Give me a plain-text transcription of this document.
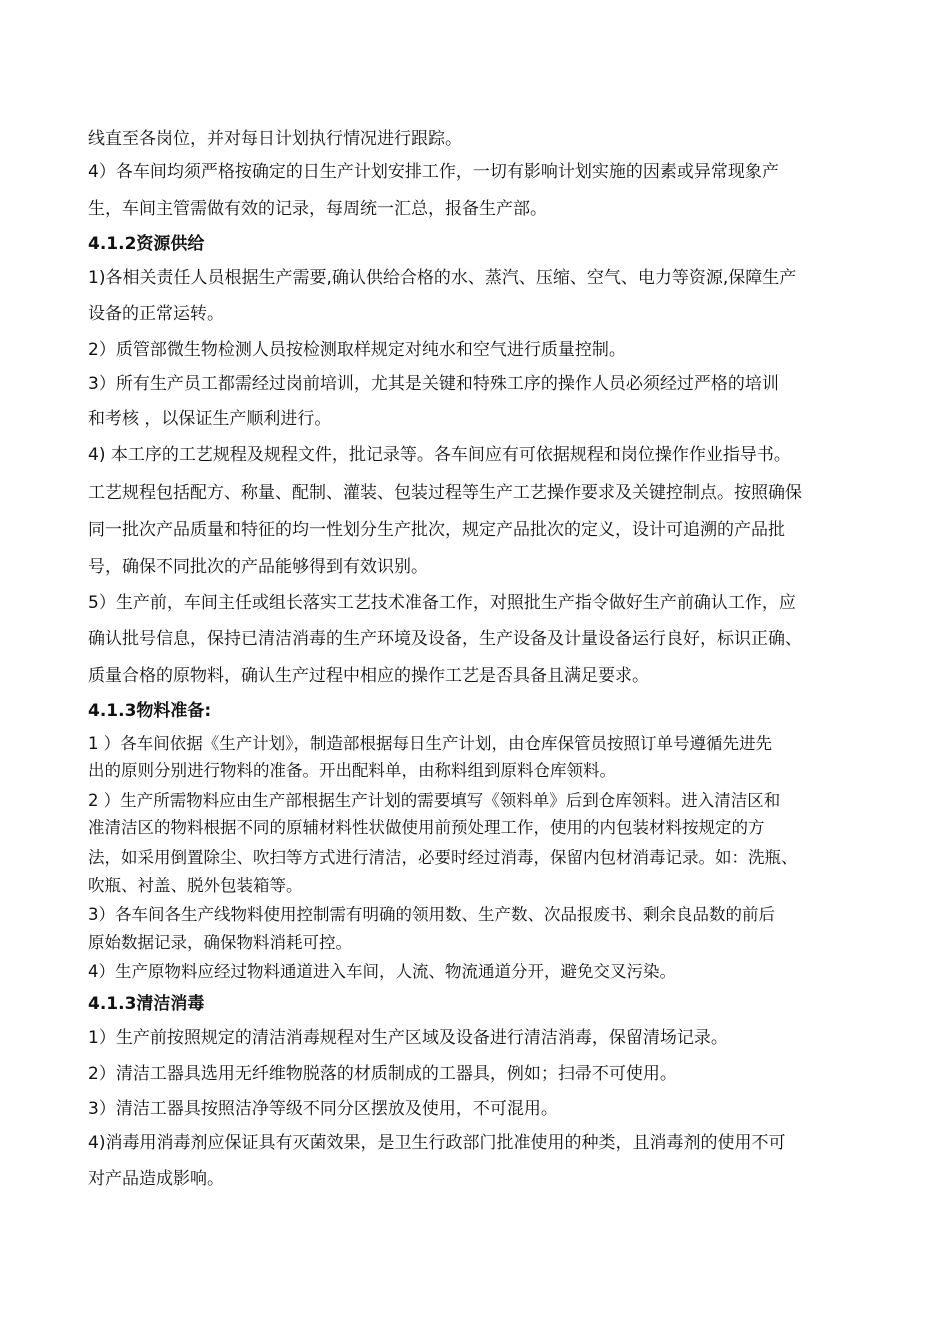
线直至各岗位，并对每日计划执行情况进行跟踪。
4）各车间均须严格按确定的日生产计划安排工作，一切有影响计划实施的因素或异常现象产
生，车间主管需做有效的记录，每周统一汇总，报备生产部。
4.1.2资源供给
1)各相关责任人员根据生产需要,确认供给合格的水、蒸汽、压缩、空气、电力等资源,保障生产
设备的正常运转。
2）质管部微生物检测人员按检测取样规定对纯水和空气进行质量控制。
3）所有生产员工都需经过岗前培训，尤其是关键和特殊工序的操作人员必须经过严格的培训
和考核 ，以保证生产顺利进行。
4) 本工序的工艺规程及规程文件，批记录等。各车间应有可依据规程和岗位操作作业指导书。
工艺规程包括配方、称量、配制、灌装、包装过程等生产工艺操作要求及关键控制点。按照确保
同一批次产品质量和特征的均一性划分生产批次，规定产品批次的定义，设计可追溯的产品批
号，确保不同批次的产品能够得到有效识别。
5）生产前，车间主任或组长落实工艺技术准备工作，对照批生产指令做好生产前确认工作，应
确认批号信息，保持已清洁消毒的生产环境及设备，生产设备及计量设备运行良好，标识正确、
质量合格的原物料，确认生产过程中相应的操作工艺是否具备且满足要求。
4.1.3物料准备:
1 ）各车间依据《生产计划》，制造部根据每日生产计划，由仓库保管员按照订单号遵循先进先
出的原则分别进行物料的准备。开出配料单，由称料组到原料仓库领料。
2 ）生产所需物料应由生产部根据生产计划的需要填写《领料单》后到仓库领料。进入清洁区和
准清洁区的物料根据不同的原辅材料性状做使用前预处理工作，使用的内包装材料按规定的方
法，如采用倒置除尘、吹扫等方式进行清洁，必要时经过消毒，保留内包材消毒记录。如：洗瓶、
吹瓶、衬盖、脱外包装箱等。
3）各车间各生产线物料使用控制需有明确的领用数、生产数、次品报废书、剩余良品数的前后
原始数据记录，确保物料消耗可控。
4）生产原物料应经过物料通道进入车间，人流、物流通道分开，避免交叉污染。
4.1.3清洁消毒
1）生产前按照规定的清洁消毒规程对生产区域及设备进行清洁消毒，保留清场记录。
2）清洁工器具选用无纤维物脱落的材质制成的工器具，例如；扫帚不可使用。
3）清洁工器具按照洁净等级不同分区摆放及使用，不可混用。
4)消毒用消毒剂应保证具有灭菌效果，是卫生行政部门批准使用的种类，且消毒剂的使用不可
对产品造成影响。
